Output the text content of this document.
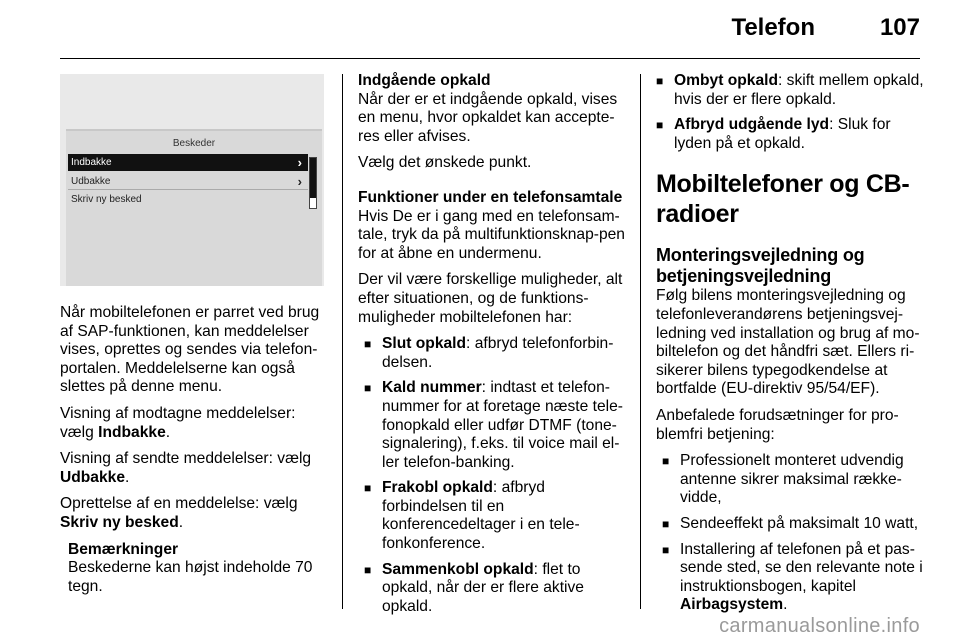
Telefon	107
Beskeder
Indbakke	›
Udbakke	›
Skriv ny besked

Når mobiltelefonen er parret ved brug af SAP-funktionen, kan meddelelser vises, oprettes og sendes via telefon-portalen. Meddelelserne kan også slettes på denne menu.

Visning af modtagne meddelelser: vælg Indbakke.

Visning af sendte meddelelser: vælg Udbakke.

Oprettelse af en meddelelse: vælg Skriv ny besked.

Bemærkninger
Beskederne kan højst indeholde 70 tegn.
Indgående opkald

Når der er et indgående opkald, vises en menu, hvor opkaldet kan accepte-res eller afvises.

Vælg det ønskede punkt.

Funktioner under en telefonsamtale

Hvis De er i gang med en telefonsam-tale, tryk da på multifunktionsknap-pen for at åbne en undermenu.

Der vil være forskellige muligheder, alt efter situationen, og de funktions-muligheder mobiltelefonen har:

■ Slut opkald: afbryd telefonforbin-delsen.
■ Kald nummer: indtast et telefon-nummer for at foretage næste tele-fonopkald eller udfør DTMF (tone-signalering), f.eks. til voice mail el-ler telefon-banking.
■ Frakobl opkald: afbryd forbindelsen til en konferencedeltager i en tele-fonkonference.
■ Sammenkobl opkald: flet to opkald, når der er flere aktive opkald.
■ Ombyt opkald: skift mellem opkald, hvis der er flere opkald.
■ Afbryd udgående lyd: Sluk for lyden på et opkald.
Mobiltelefoner og CB-radioer
Monteringsvejledning og betjeningsvejledning

Følg bilens monteringsvejledning og telefonleverandørens betjeningsvej-ledning ved installation og brug af mo-biltelefon og det håndfri sæt. Ellers ri-sikerer bilens typegodkendelse at bortfalde (EU-direktiv 95/54/EF).

Anbefalede forudsætninger for pro-blemfri betjening:

■ Professionelt monteret udvendig antenne sikrer maksimal række-vidde,
■ Sendeeffekt på maksimalt 10 watt,
■ Installering af telefonen på et pas-sende sted, se den relevante note i instruktionsbogen, kapitel Airbagsystem.
carmanualsonline.info
